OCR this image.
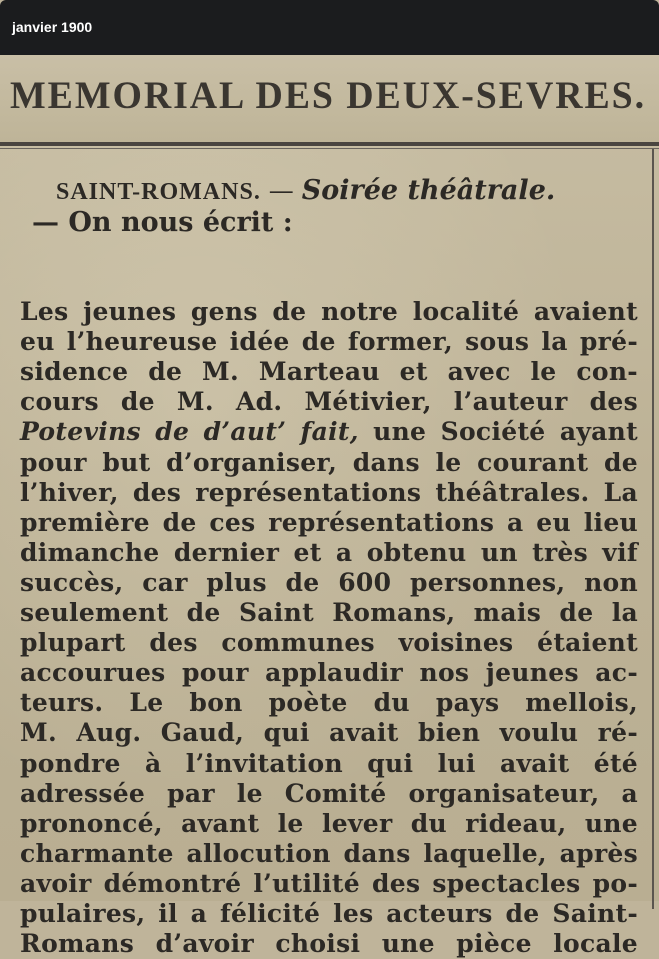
janvier 1900
MEMORIAL DES DEUX-SEVRES.
SAINT-ROMANS. — Soirée théâtrale.
— On nous écrit :
Les jeunes gens de notre localité avaient
eu l’heureuse idée de former, sous la pré-
sidence de M. Marteau et avec le con-
cours de M. Ad. Métivier, l’auteur des
Potevins de d’aut’ fait, une Société ayant
pour but d’organiser, dans le courant de
l’hiver, des représentations théâtrales. La
première de ces représentations a eu lieu
dimanche dernier et a obtenu un très vif
succès, car plus de 600 personnes, non
seulement de Saint Romans, mais de la
plupart des communes voisines étaient
accourues pour applaudir nos jeunes ac-
teurs. Le bon poète du pays mellois,
M. Aug. Gaud, qui avait bien voulu ré-
pondre à l’invitation qui lui avait été
adressée par le Comité organisateur, a
prononcé, avant le lever du rideau, une
charmante allocution dans laquelle, après
avoir démontré l’utilité des spectacles po-
pulaires, il a félicité les acteurs de Saint-
Romans d’avoir choisi une pièce locale
